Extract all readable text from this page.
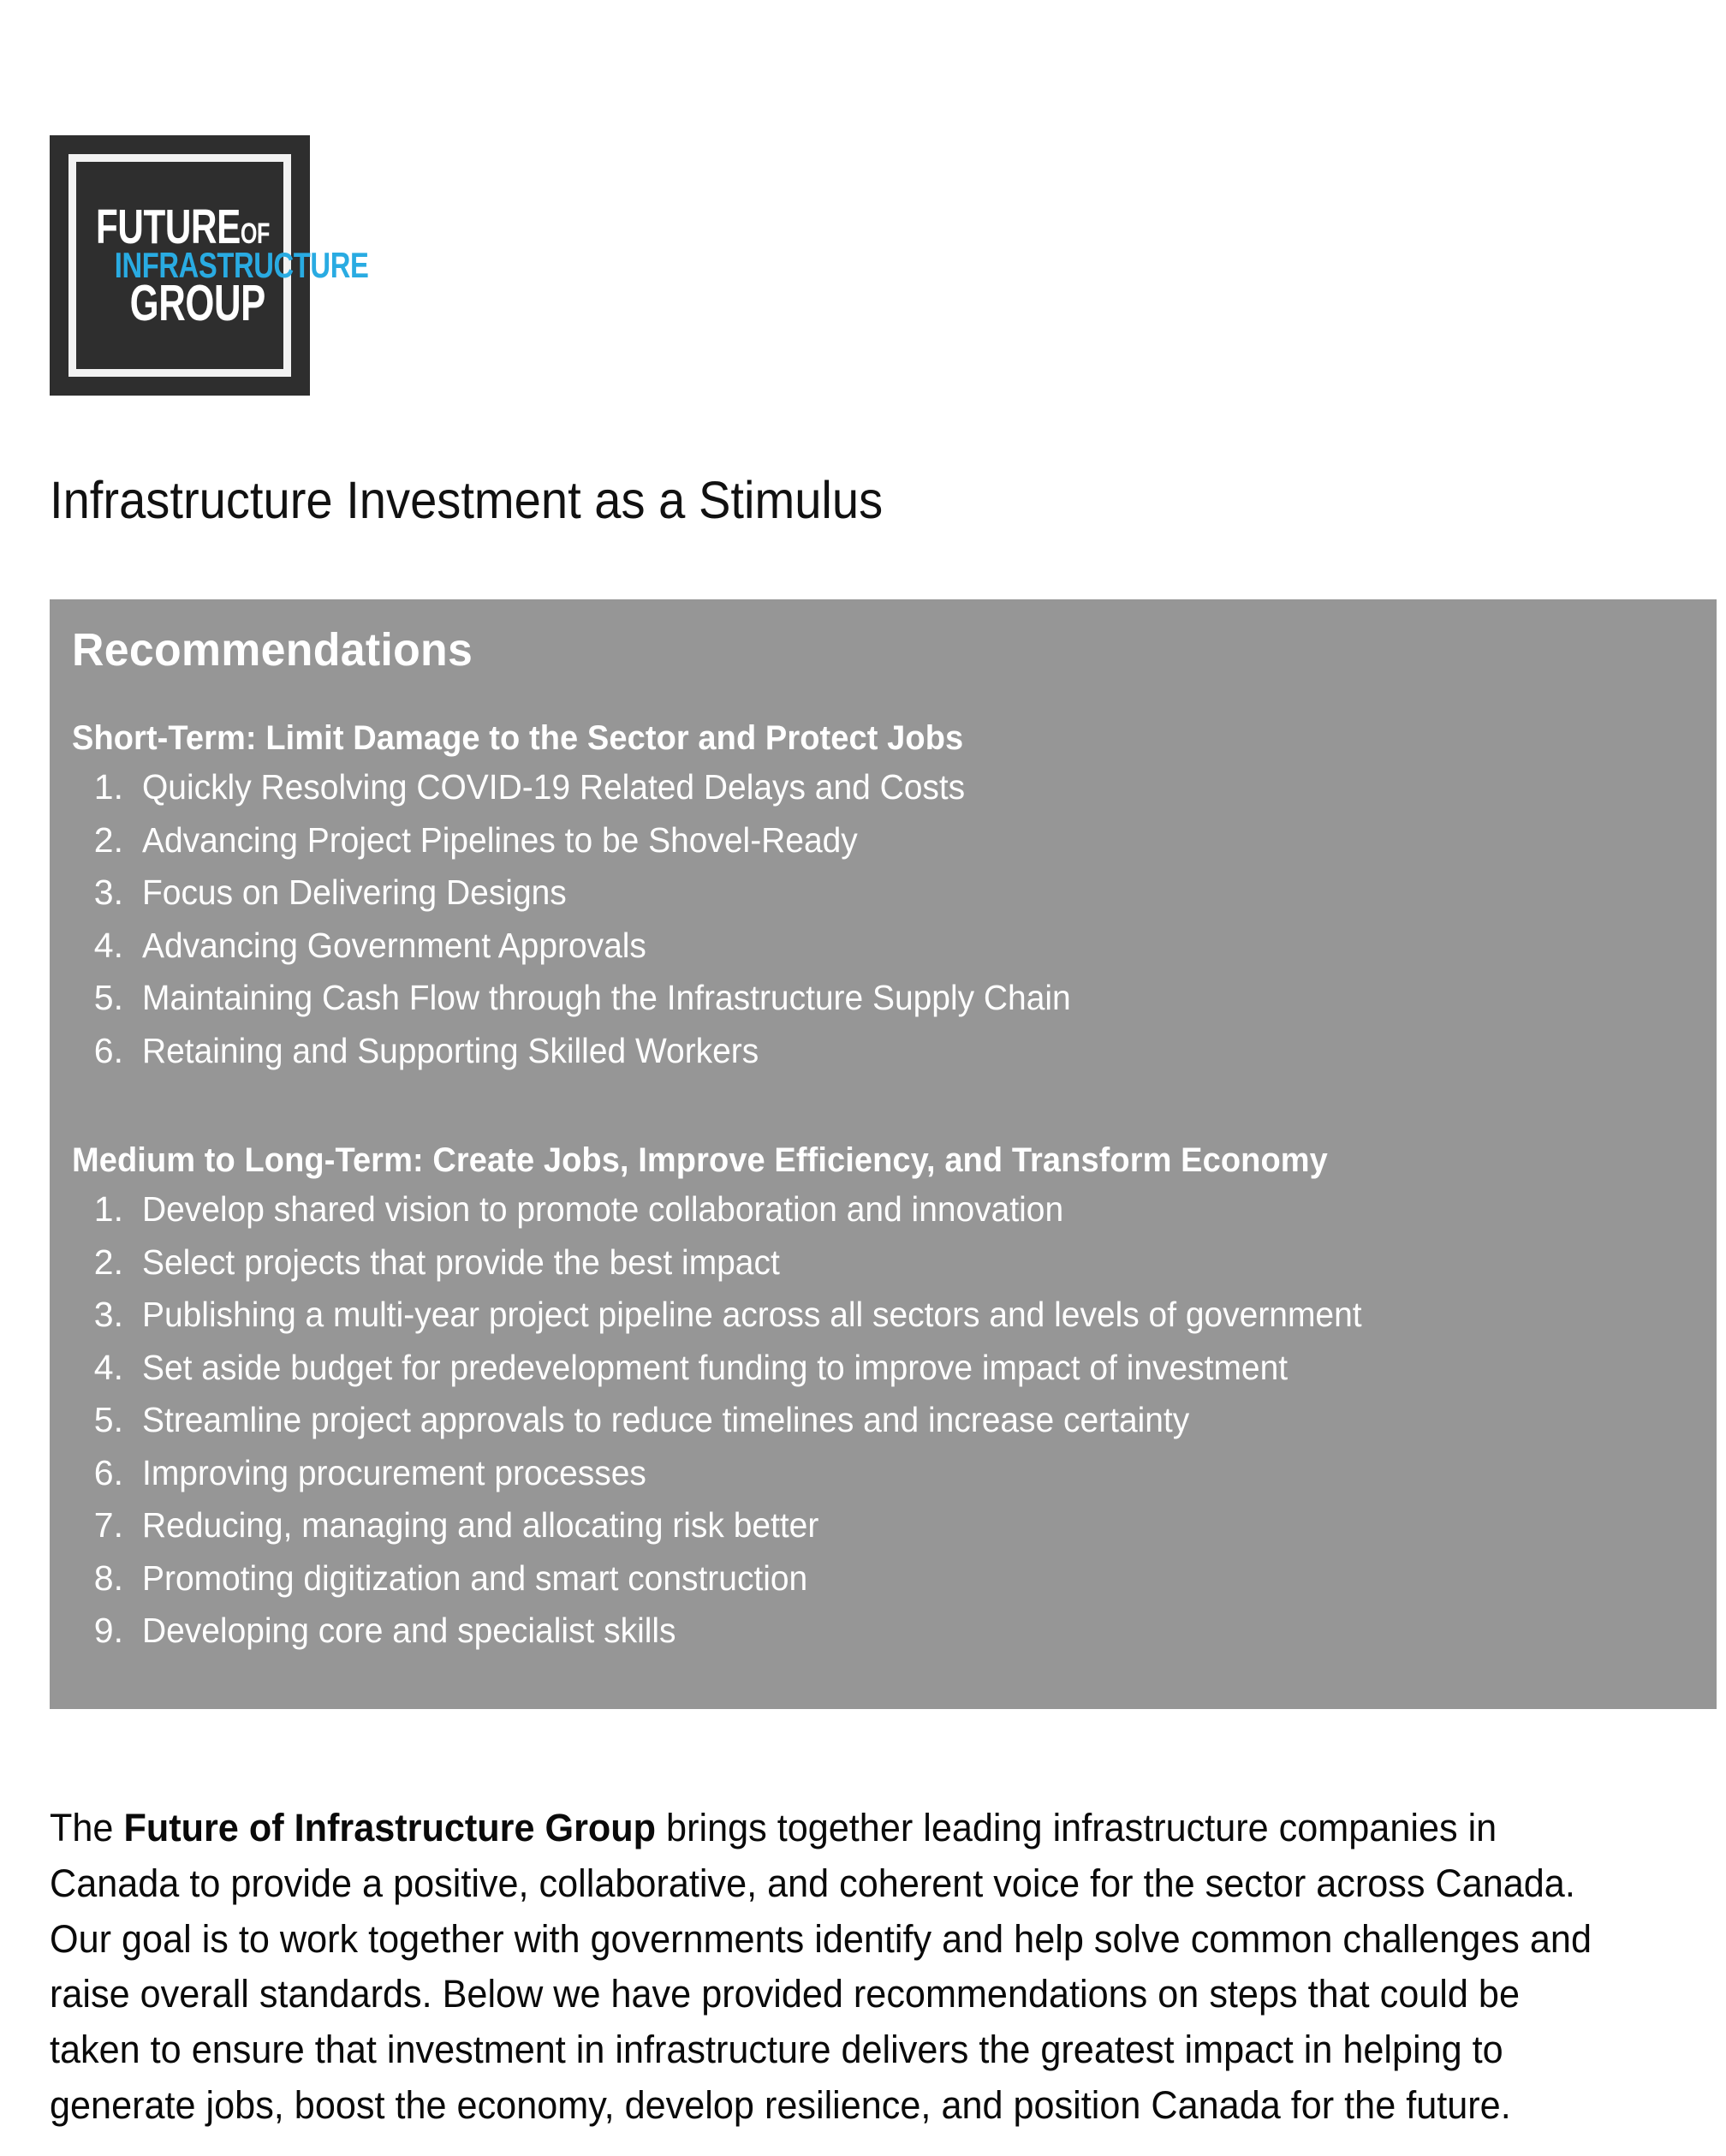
FUTUREOF
INFRASTRUCTURE
GROUP
Infrastructure Investment as a Stimulus
Recommendations
Short-Term: Limit Damage to the Sector and Protect Jobs
1. Quickly Resolving COVID-19 Related Delays and Costs
2. Advancing Project Pipelines to be Shovel-Ready
3. Focus on Delivering Designs
4. Advancing Government Approvals
5. Maintaining Cash Flow through the Infrastructure Supply Chain
6. Retaining and Supporting Skilled Workers
Medium to Long-Term: Create Jobs, Improve Efficiency, and Transform Economy
1. Develop shared vision to promote collaboration and innovation
2. Select projects that provide the best impact
3. Publishing a multi-year project pipeline across all sectors and levels of government
4. Set aside budget for predevelopment funding to improve impact of investment
5. Streamline project approvals to reduce timelines and increase certainty
6. Improving procurement processes
7. Reducing, managing and allocating risk better
8. Promoting digitization and smart construction
9. Developing core and specialist skills

The Future of Infrastructure Group brings together leading infrastructure companies in Canada to provide a positive, collaborative, and coherent voice for the sector across Canada. Our goal is to work together with governments identify and help solve common challenges and raise overall standards. Below we have provided recommendations on steps that could be taken to ensure that investment in infrastructure delivers the greatest impact in helping to generate jobs, boost the economy, develop resilience, and position Canada for the future.
